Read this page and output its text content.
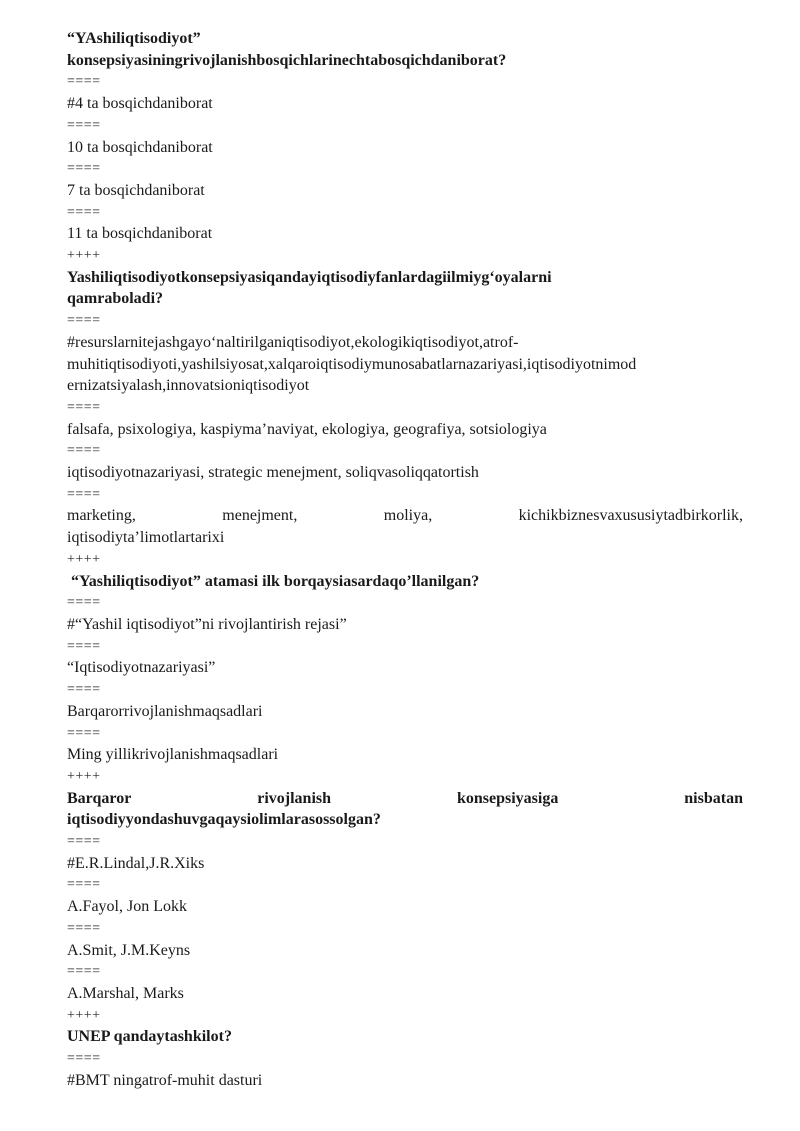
“YAshiliqtisodiyot”
konsepsiyasiningrivojlanishbosqichlarinechtabosqichdaniborat?
====
#4 ta bosqichdaniborat
====
10 ta bosqichdaniborat
====
7 ta bosqichdaniborat
====
11 ta bosqichdaniborat
++++
Yashiliqtisodiyotkonsepsiyasiqandayiqtisodiyfanlardagiilmiyg‘oyalarni
qamraboladi?
====
#resurslarnitejashgayo‘naltirilganiqtisodiyot,ekologikiqtisodiyot,atrof-
muhitiqtisodiyoti,yashilsiyosat,xalqaroiqtisodiymunosabatlarnazariyasi,iqtisodiyotnimod
ernizatsiyalash,innovatsioniqtisodiyot
====
falsafa, psixologiya, kaspiyma’naviyat, ekologiya, geografiya, sotsiologiya
====
iqtisodiyotnazariyasi, strategic menejment, soliqvasoliqqatortish
====
marketing,	menejment,	moliya,	kichikbiznesvaxususiytadbirkorlik,
iqtisodiyta’limotlartarixi
++++
“Yashiliqtisodiyot” atamasi ilk borqaysiasardaqo’llanilgan?
====
#“Yashil iqtisodiyot”ni rivojlantirish rejasi”
====
“Iqtisodiyotnazariyasi”
====
Barqarorrivojlanishmaqsadlari
====
Ming yillikrivojlanishmaqsadlari
++++
Barqaror	rivojlanish	konsepsiyasiga	nisbatan
iqtisodiyyondashuvgaqaysiolimlarasossolgan?
====
#E.R.Lindal,J.R.Xiks
====
A.Fayol, Jon Lokk
====
A.Smit, J.M.Keyns
====
A.Marshal, Marks
++++
UNEP qandaytashkilot?
====
#BMT ningatrof-muhit dasturi
